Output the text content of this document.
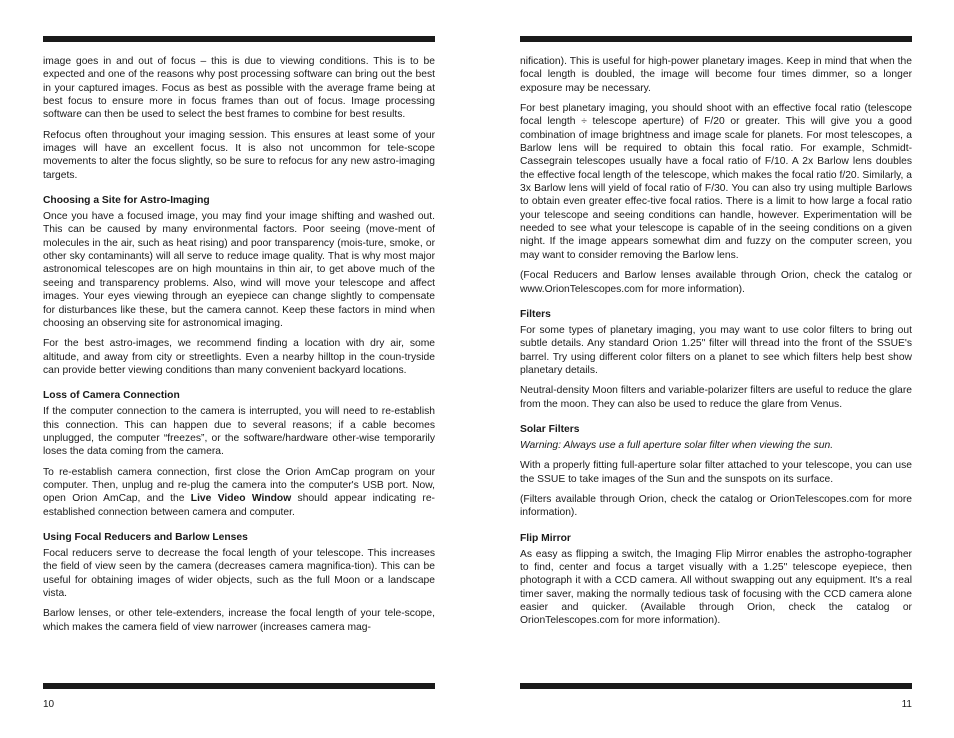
image goes in and out of focus – this is due to viewing conditions. This is to be expected and one of the reasons why post processing software can bring out the best in your captured images. Focus as best as possible with the average frame being at best focus to ensure more in focus frames than out of focus. Image processing software can then be used to select the best frames to combine for best results.

Refocus often throughout your imaging session. This ensures at least some of your images will have an excellent focus. It is also not uncommon for tele-scope movements to alter the focus slightly, so be sure to refocus for any new astro-imaging targets.

Choosing a Site for Astro-Imaging

Once you have a focused image, you may find your image shifting and washed out. This can be caused by many environmental factors. Poor seeing (move-ment of molecules in the air, such as heat rising) and poor transparency (mois-ture, smoke, or other sky contaminants) will all serve to reduce image quality. That is why most major astronomical telescopes are on high mountains in thin air, to get above much of the seeing and transparency problems. Also, wind will move your telescope and affect images. Your eyes viewing through an eyepiece can change slightly to compensate for disturbances like these, but the camera cannot. Keep these factors in mind when choosing an observing site for astronomical imaging.

For the best astro-images, we recommend finding a location with dry air, some altitude, and away from city or streetlights. Even a nearby hilltop in the coun-tryside can provide better viewing conditions than many convenient backyard locations.

Loss of Camera Connection

If the computer connection to the camera is interrupted, you will need to re-establish this connection. This can happen due to several reasons; if a cable becomes unplugged, the computer “freezes”, or the software/hardware other-wise temporarily loses the data coming from the camera.

To re-establish camera connection, first close the Orion AmCap program on your computer. Then, unplug and re-plug the camera into the computer's USB port. Now, open Orion AmCap, and the Live Video Window should appear indicating re-established connection between camera and computer.

Using Focal Reducers and Barlow Lenses

Focal reducers serve to decrease the focal length of your telescope. This increases the field of view seen by the camera (decreases camera magnifica-tion). This can be useful for obtaining images of wider objects, such as the full Moon or a landscape vista.

Barlow lenses, or other tele-extenders, increase the focal length of your tele-scope, which makes the camera field of view narrower (increases camera mag-

10

nification). This is useful for high-power planetary images. Keep in mind that when the focal length is doubled, the image will become four times dimmer, so a longer exposure may be necessary.

For best planetary imaging, you should shoot with an effective focal ratio (telescope focal length ÷ telescope aperture) of F/20 or greater. This will give you a good combination of image brightness and image scale for planets. For most telescopes, a Barlow lens will be required to obtain this focal ratio. For example, Schmidt-Cassegrain telescopes usually have a focal ratio of F/10. A 2x Barlow lens doubles the effective focal length of the telescope, which makes the focal ratio f/20. Similarly, a 3x Barlow lens will yield of focal ratio of F/30. You can also try using multiple Barlows to obtain even greater effec-tive focal ratios. There is a limit to how large a focal ratio your telescope and seeing conditions can handle, however. Experimentation will be needed to see what your telescope is capable of in the seeing conditions on a given night. If the image appears somewhat dim and fuzzy on the computer screen, you may want to consider removing the Barlow lens.

(Focal Reducers and Barlow lenses available through Orion, check the catalog or www.OrionTelescopes.com for more information).

Filters

For some types of planetary imaging, you may want to use color filters to bring out subtle details. Any standard Orion 1.25" filter will thread into the front of the SSUE's barrel. Try using different color filters on a planet to see which filters help best show planetary details.

Neutral-density Moon filters and variable-polarizer filters are useful to reduce the glare from the moon. They can also be used to reduce the glare from Venus.

Solar Filters

Warning: Always use a full aperture solar filter when viewing the sun.

With a properly fitting full-aperture solar filter attached to your telescope, you can use the SSUE to take images of the Sun and the sunspots on its surface.

(Filters available through Orion, check the catalog or OrionTelescopes.com for more information).

Flip Mirror

As easy as flipping a switch, the Imaging Flip Mirror enables the astropho-tographer to find, center and focus a target visually with a 1.25" telescope eyepiece, then photograph it with a CCD camera. All without swapping out any equipment. It's a real timer saver, making the normally tedious task of focusing with the CCD camera alone easier and quicker. (Available through Orion, check the catalog or OrionTelescopes.com for more information).

11
